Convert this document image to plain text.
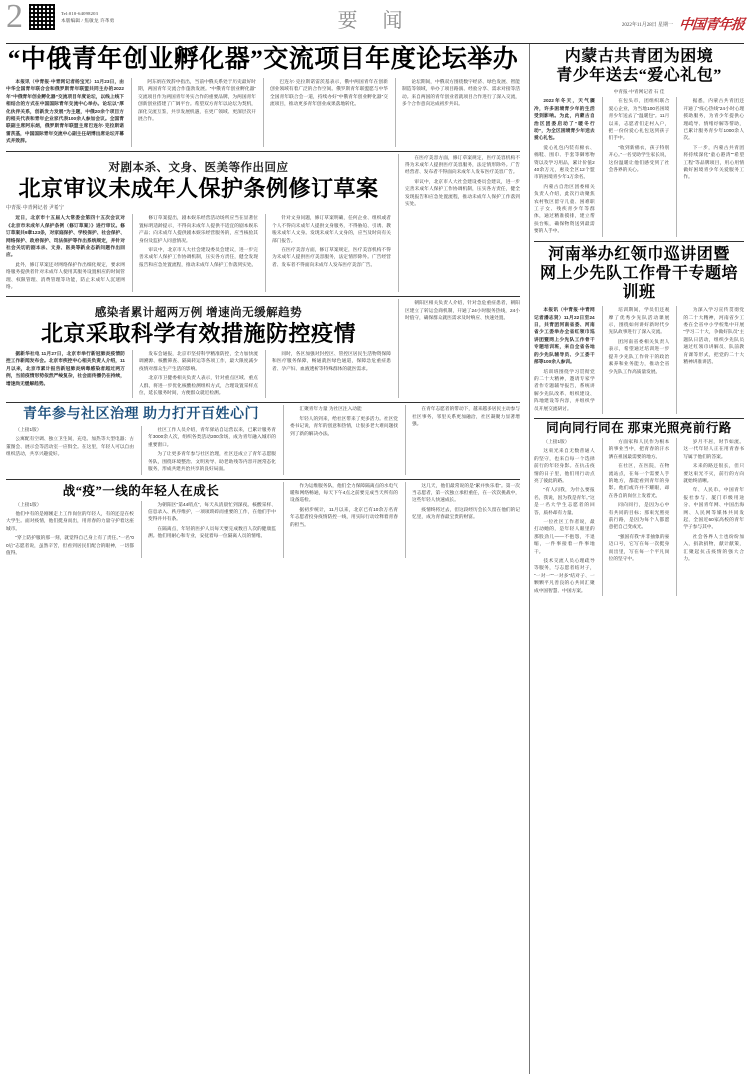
2	Tel:010-64098203
本版编辑 / 焦敏龙 许革勇	要 闻	2022年11月28日 星期一 中国青年报
“中俄青年创业孵化器”交流项目年度论坛举办

本报讯（中青报·中青网记者杨宝光）11月23日，由中华全国青年联合会和俄罗斯青年联盟共同主办的2022年“中俄青年创业孵化器”交流项目年度论坛，以线上线下相结合的方式在中国国际青年交流中心举办。论坛以“厚化伙伴关系，创新发力发展”为主题，中俄20余个项目方的相关代表和青年企业家代表100余人参加会议。全国青联副主席阿东炳，俄罗斯青年联盟主席巴连尔·克拉斯诺雷茨基，中国国际青年交流中心副主任胡博出席论坛开幕式并致辞。

阿东炳在致辞中指出，当前中俄关系处于历史最好时期，两国青年交流合作蓬勃发展。“中俄青年创业孵化器”交流项目作为两国青年务实合作的重要品牌，为两国青年创新创业搭建了广阔平台。希望双方青年以论坛为契机，深化交流互鉴，共享发展机遇，在更广领域、更深层次开展合作。

巴连尔·克拉斯诺雷茨基表示，俄中两国青年在创新创业领域有着广泛的合作空间。俄罗斯青年联盟愿与中华全国青年联合会一道，持续办好“中俄青年创业孵化器”交流项目，推动更多青年创业成果落地转化。

论坛期间，中俄双方围绕数字经济、绿色发展、智能制造等领域，举办了项目路演、经验分享、需求对接等活动。来自两国的青年创业者就项目合作进行了深入交流，多个合作意向达成初步共识。

对剧本杀、文身、医美等作出回应
北京审议未成年人保护条例修订草案
中青报·中青网记者 尹希宁

近日，北京市十五届人大常委会第四十五次会议对《北京市未成年人保护条例（修订草案）》进行审议。修订草案共9章123条，对家庭保护、学校保护、社会保护、网络保护、政府保护、司法保护等作出系统规定，并针对社会关切的剧本杀、文身、医美等新业态新问题作出回应。

此外，修订草案还对网络保护作出细化规定，要求网络服务提供者针对未成年人使用其服务设置相应的时间管理、权限管理、消费管理等功能，防止未成年人沉迷网络。

修订草案提出，剧本娱乐经营活动场所应当在显著位置标明适龄提示，不得向未成年人提供不适宜的剧本娱乐产品；向未成年人提供剧本娱乐经营服务的，应当核验其身份及监护人同意情况。

审议中，北京市人大社会建设委员会建议，进一步完善未成年人保护工作协调机制，压实各方责任，健全发现报告和应急处置流程，推动未成年人保护工作落到实处。

针对文身问题，修订草案明确，任何企业、组织或者个人不得向未成年人提供文身服务，不得胁迫、引诱、教唆未成年人文身。发现未成年人文身的，应当及时向有关部门报告。

在医疗美容方面，修订草案规定，医疗美容机构不得为未成年人提供医疗美容服务，法定情形除外。广告经营者、发布者不得面向未成年人发布医疗美容广告。

在医疗美容方面，修订草案规定，医疗美容机构不得为未成年人提供医疗美容服务，法定情形除外。广告经营者、发布者不得面向未成年人发布医疗美容广告。

审议中，北京市人大社会建设委员会建议，进一步完善未成年人保护工作协调机制，压实各方责任，健全发现报告和应急处置流程，推动未成年人保护工作落到实处。

感染者累计超两万例 增速尚无缓解趋势
北京采取科学有效措施防控疫情

据新华社电 11月27日，北京市举行新冠肺炎疫情防控工作新闻发布会。北京市疾控中心相关负责人介绍，11月以来，北京市累计报告新冠肺炎病毒感染者超过两万例，当前疫情形势依然严峻复杂，社会面传播仍在持续，增速尚无缓解趋势。

发布会通报，北京市坚持科学精准防控，全力加快流调溯源、核酸筛查、隔离转运等各项工作，最大限度减少疫情对群众生产生活的影响。

北京市卫健委相关负责人表示，针对重点区域、重点人群，将进一步优化核酸检测组织方式，合理设置采样点位，延长服务时间，方便群众就近检测。

同时，各区加强对封控区、管控区居民生活物资保障和医疗服务保障，畅通就医绿色通道，保障急危重症患者、孕产妇、血液透析等特殊群体的就医需求。

朝阳区相关负责人介绍，针对急危重症患者，朝阳区建立了转运会商机制，开通了24小时服务热线，24小时值守，确保群众就医需求及时响应、快速处置。

青年参与社区治理 助力打开百姓心门

（上接1版）

公寓配有空调、独立卫生间，充电、加热等大型电器；古董图会、展示会等活动室一应俱全。在这里，年轻人可以自由组织活动，共享兴趣爱好。

社区工作人员介绍，青年驿站自运营以来，已累计服务青年3000余人次，组织各类活动200余场，成为青年融入城市的重要窗口。

为了让更多青年参与社区治理，社区还成立了青年志愿服务队，围绕环境整治、文明劝导、助老助残等内容开展常态化服务，形成共建共治共享的良好局面。

汇聚青年力量 为社区注入动能

年轻人的到来，给社区带来了更多活力。社区党委书记说，青年的创意和热情，让很多老大难问题找到了新的解决办法。

在青年志愿者的带动下，越来越多居民主动参与社区事务，邻里关系更加融洽，社区凝聚力显著增强。

战“疫”一线的年轻人在成长

（上接1版）

他们中有的是刚刚走上工作岗位的年轻人，有的还是在校大学生。面对疫情，他们挺身而出，用青春的力量守护着这座城市。

“穿上防护服的那一刻，就觉得自己身上有了责任。”一名“00后”志愿者说，虽然辛苦，但看到居民们配合的眼神，一切都值得。

为朝阳区“第44哨点”，每天从清晨忙到深夜。核酸采样、信息录入、秩序维护，一项项琐碎而重要的工作，在他们手中变得井井有条。

在隔离点，年轻的医护人员每天要完成数百人次的健康监测。他们用耐心和专业，安抚着每一位隔离人员的情绪。

作为运维服务队，他们全力保障隔离点的水电气暖和网络畅通，每天下午4点之前要完成当天所有的设备巡检。

据初步统计，11月以来，北京已有10余万名青年志愿者投身疫情防控一线，用实际行动诠释着青春的担当。

这几天，他们最常说的是“累并快乐着”。第一次当志愿者，第一次独立承担重任，在一次次挑战中，这些年轻人快速成长。

疫情终将过去，但这段经历会长久留在他们的记忆里，成为青春最宝贵的财富。

内蒙古共青团为困境
青少年送去“爱心礼包”
中青报·中青网记者 石 佳

2022年冬天，天气骤冷，许多困境青少年的生活受到影响。为此，内蒙古自治区团委启动了“暖冬行动”，为全区困境青少年送去爱心礼包。

爱心礼包内装有棉衣、棉鞋、围巾、手套等御寒物资以及学习用品，累计价值240余万元，惠及全区12个盟市的困境青少年1万余名。

内蒙古自治区团委相关负责人介绍，此次行动聚焦农村牧区留守儿童、困难职工子女、残疾青少年等群体，通过精准摸排，建立帮扶台账，确保物资送到最需要的人手中。

在包头市，团组织联合爱心企业，为当地100名困境青少年送去了“温暖包”。11月以来，志愿者们走村入户，把一份份爱心礼包送到孩子们手中。

“收到新棉衣，孩子特别开心。”一名受助学生家长说，这份温暖让他们感受到了社会各界的关心。

据悉，内蒙古共青团还开通了“疫心热线”24小时心理援助服务，为青少年提供心理疏导、情绪纾解等帮助，已累计服务青少年1000余人次。

下一步，内蒙古共青团将持续深化“童心港湾”“希望工程”等品牌项目，用心用情做好困境青少年关爱服务工作。

河南举办红领巾巡讲团暨
网上少先队工作骨干专题培训班

本报讯（中青报·中青网记者潘志贤）11月22日至24日，共青团河南省委、河南省少工委举办全省红领巾巡讲团暨网上少先队工作骨干专题培训班，来自全省各地的少先队辅导员、少工委干部等100余人参训。

培训班围绕学习贯彻党的二十大精神，邀请专家学者作专题辅导报告，系统讲解少先队改革、组织建设、阵地建设等内容，并组织学员开展交流研讨。

培训期间，学员们还观摩了优秀少先队活动课展示，围绕如何讲好新时代少先队故事进行了深入交流。

团河南省委相关负责人表示，希望通过培训进一步提升少先队工作骨干的政治素养和业务能力，推动全省少先队工作高质量发展。

为深入学习宣传贯彻党的二十大精神，河南省少工委在全省中小学校集中开展“学习二十大，争做好队员”主题队日活动，组织少先队员通过红领巾讲解员、队前教育课等形式，把党的二十大精神讲准讲活。

同向同行同在 那束光照亮前行路

（上接1版）

这束光来自无数普通人的坚守，也来自每一个选择前行的年轻身影。在抗击疫情的日子里，他们用行动点亮了彼此的路。

“有人问我，为什么要报名，我说，因为我是青年。”这是一名大学生志愿者的回答，质朴却有力量。

一位社区工作者说，最打动她的，是年轻人眼里的那股劲儿——不抱怨，不退缩，一件事接着一件事地干。

技术交流人员心理疏导等服务，与志愿者结对子，“一对一”“一对多”结对子、一颗颗平凡善良的心共同汇聚成中国智慧、中国方案。

方面家和人民作为根本的事业当中，把青春的汗水洒在祖国最需要的地方。

在社区，在医院，在物流站点，在每一个需要人手的地方，都能看到青年的身影。他们或许并不耀眼，却在各自的岗位上发着光。

同向同行，是因为心中有共同的目标；那束光照亮前行路，是因为每个人都愿意把自己变成光。

“强国有我”并非抽象的豪迈口号，它写在每一次挺身而出里，写在每一个平凡岗位的坚守中。

岁月不居，时节如流。这一代年轻人正在用青春书写属于他们的答案。

未来的路还很长，但只要这束光不灭，前行的方向就始终清晰。

年、人民币。中国青年报社参与、厦门市级用途分、中国青年网、中国出海网、人民网等媒体共同发起，全国近60家高校的青年学子参与其中。

社会各界人士也纷纷加入，捐款捐物，献计献策，汇聚起抗击疫情的强大合力。
